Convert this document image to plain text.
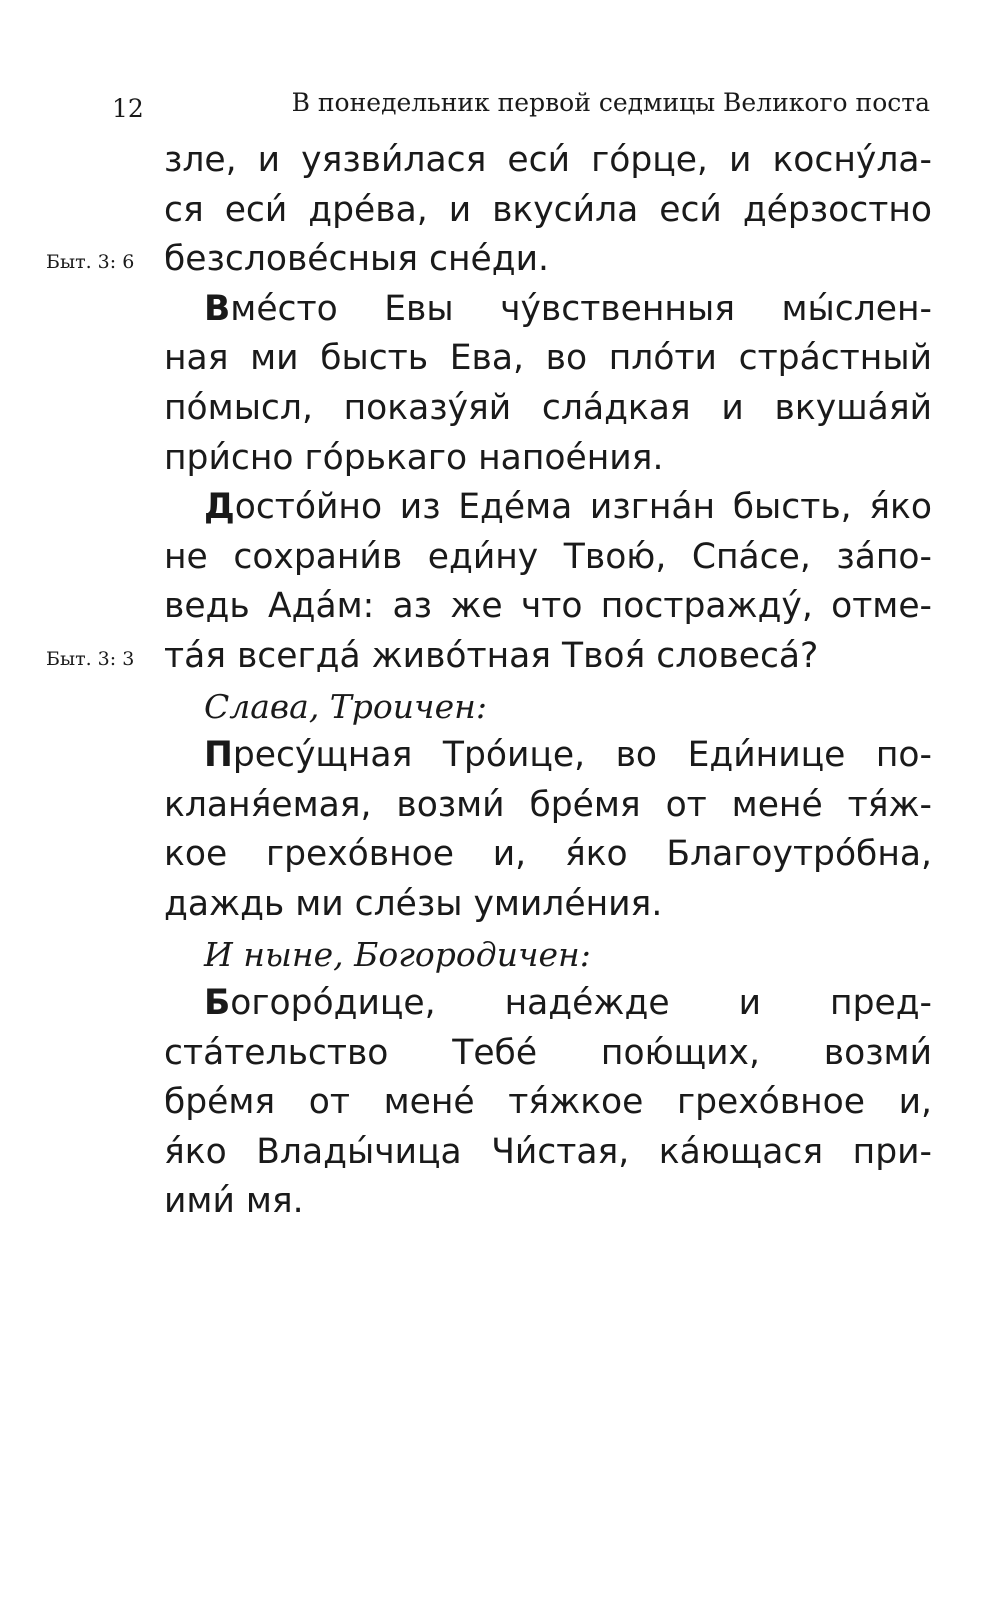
12	В понедельник первой седмицы Великого поста
зле, и уязви́лася еси́ го́рце, и косну́ла-
ся еси́ дре́ва, и вкуси́ла еси́ де́рзостно
Быт. 3: 6 безслове́сныя сне́ди.
Вме́сто Евы чу́вственныя мы́слен-
ная ми бысть Ева, во пло́ти стра́стный
по́мысл, показу́яй сла́дкая и вкуша́яй
при́сно го́рькаго напое́ния.
Досто́йно из Еде́ма изгна́н бысть, я́ко
не сохрани́в еди́ну Твою́, Спа́се, за́по-
ведь Ада́м: аз же что постражду́, отме-
Быт. 3: 3 та́я всегда́ живо́тная Твоя́ словеса́?
Слава, Троичен:
Пресу́щная Тро́ице, во Еди́нице по-
кланя́емая, возми́ бре́мя от мене́ тя́ж-
кое грехо́вное и, я́ко Благоутро́бна,
даждь ми сле́зы умиле́ния.
И ныне, Богородичен:
Богоро́дице, наде́жде и пред-
ста́тельство Тебе́ пою́щих, возми́
бре́мя от мене́ тя́жкое грехо́вное и,
я́ко Влады́чица Чи́стая, ка́ющася при-
ими́ мя.
